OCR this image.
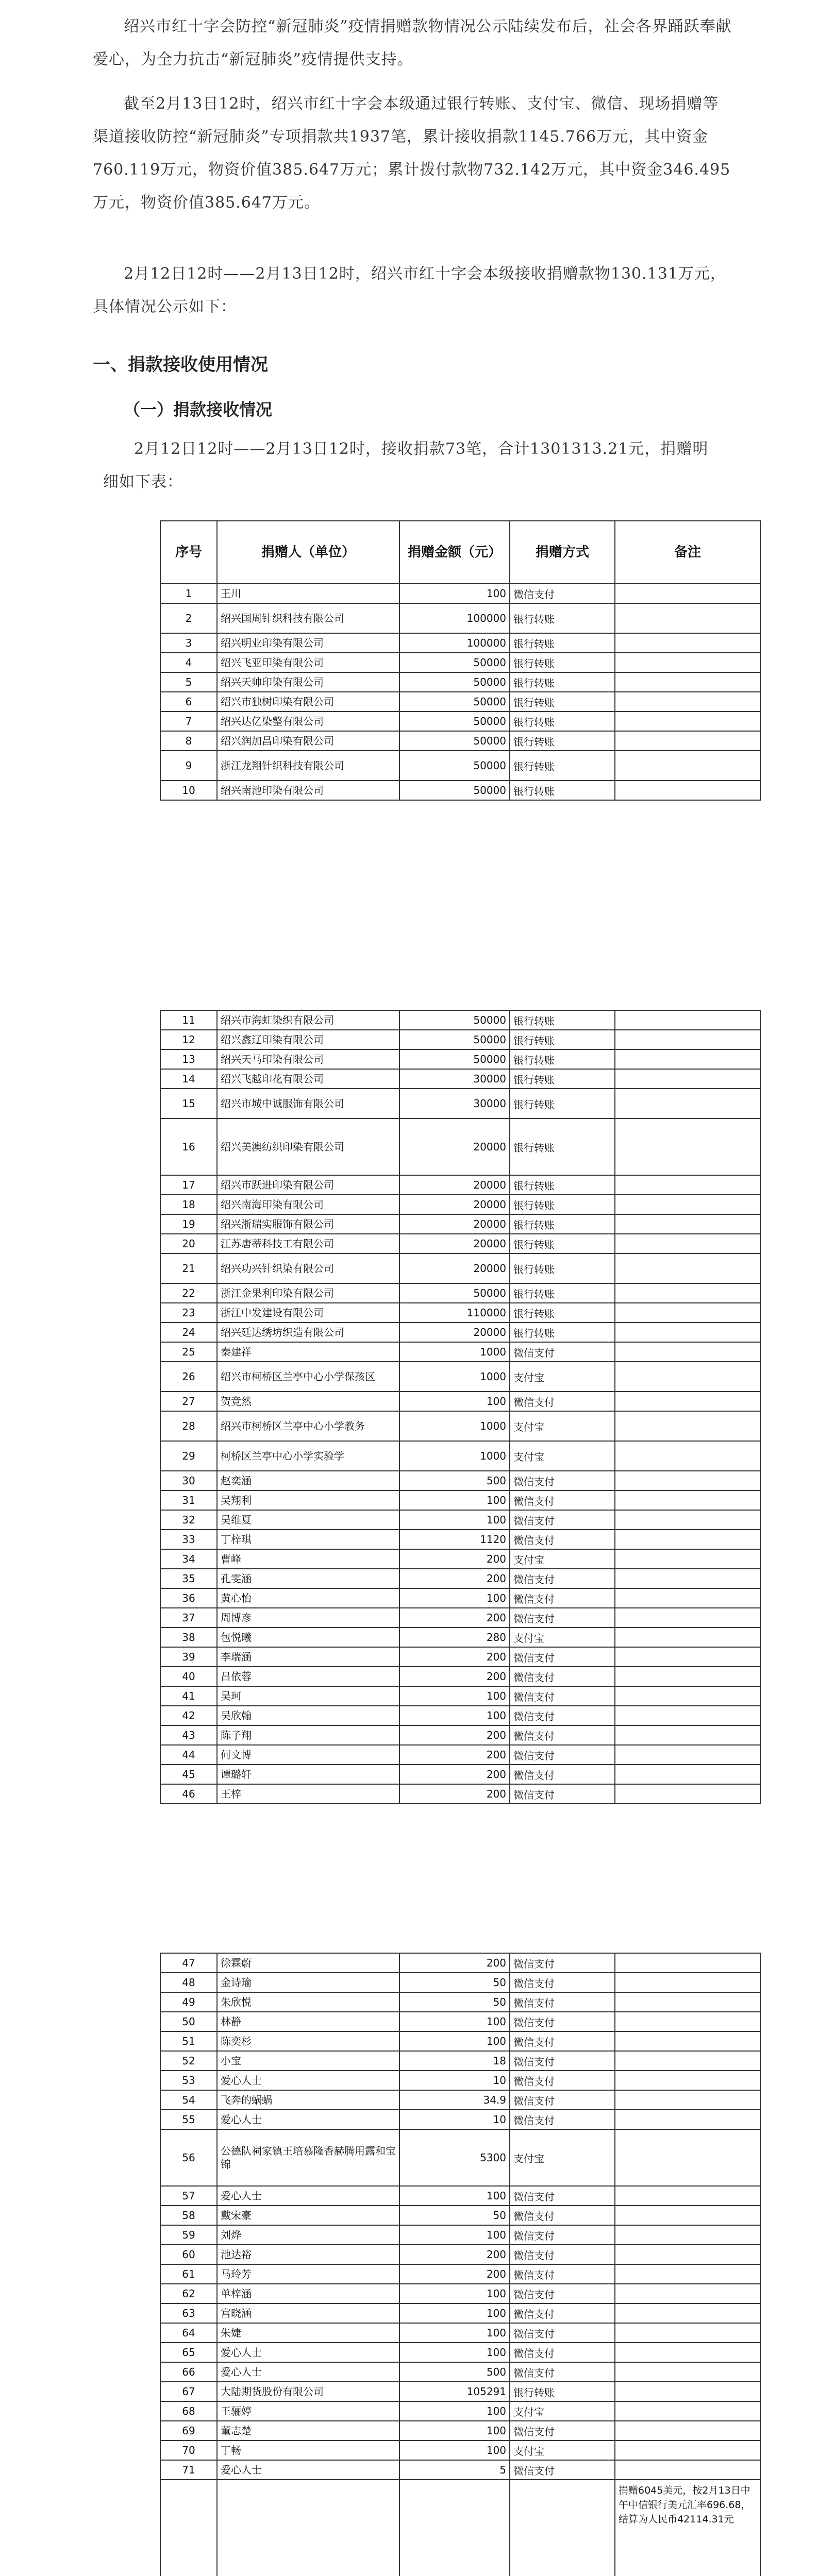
绍兴市红十字会防控“新冠肺炎”疫情捐赠款物情况公示陆续发布后，社会各界踊跃奉献爱心，为全力抗击“新冠肺炎”疫情提供支持。
截至2月13日12时，绍兴市红十字会本级通过银行转账、支付宝、微信、现场捐赠等渠道接收防控“新冠肺炎”专项捐款共1937笔，累计接收捐款1145.766万元，其中资金760.119万元，物资价值385.647万元；累计拨付款物732.142万元，其中资金346.495万元，物资价值385.647万元。
2月12日12时——2月13日12时，绍兴市红十字会本级接收捐赠款物130.131万元，具体情况公示如下：
一、捐款接收使用情况
（一）捐款接收情况
2月12日12时——2月13日12时，接收捐款73笔，合计1301313.21元，捐赠明细如下表：
序号	捐赠人（单位）	捐赠金额（元）	捐赠方式	备注
1	王川	100	微信支付	
2	绍兴国周针织科技有限公司	100000	银行转账	
3	绍兴明业印染有限公司	100000	银行转账	
4	绍兴飞亚印染有限公司	50000	银行转账	
5	绍兴天帅印染有限公司	50000	银行转账	
6	绍兴市独树印染有限公司	50000	银行转账	
7	绍兴达亿染整有限公司	50000	银行转账	
8	绍兴润加昌印染有限公司	50000	银行转账	
9	浙江龙翔针织科技有限公司	50000	银行转账	
10	绍兴南池印染有限公司	50000	银行转账	
11	绍兴市海虹染织有限公司	50000	银行转账	
12	绍兴鑫辽印染有限公司	50000	银行转账	
13	绍兴天马印染有限公司	50000	银行转账	
14	绍兴飞越印花有限公司	30000	银行转账	
15	绍兴市城中诚服饰有限公司	30000	银行转账	
16	绍兴美澳纺织印染有限公司	20000	银行转账	
17	绍兴市跃进印染有限公司	20000	银行转账	
18	绍兴南海印染有限公司	20000	银行转账	
19	绍兴浙瑞实服饰有限公司	20000	银行转账	
20	江苏唐蒂科技工有限公司	20000	银行转账	
21	绍兴功兴针织染有限公司	20000	银行转账	
22	浙江金果利印染有限公司	50000	银行转账	
23	浙江中发建设有限公司	110000	银行转账	
24	绍兴廷达绣坊织造有限公司	20000	银行转账	
25	秦建祥	1000	微信支付	
26	绍兴市柯桥区兰亭中心小学保孩区	1000	支付宝	
27	贺竞然	100	微信支付	
28	绍兴市柯桥区兰亭中心小学教务	1000	支付宝	
29	柯桥区兰亭中心小学实验学	1000	支付宝	
30	赵奕涵	500	微信支付	
31	吴翔利	100	微信支付	
32	吴维夏	100	微信支付	
33	丁梓琪	1120	微信支付	
34	曹峰	200	支付宝	
35	孔雯涵	200	微信支付	
36	黄心怡	100	微信支付	
37	周博彦	200	微信支付	
38	包悦曦	280	支付宝	
39	李瑞涵	200	微信支付	
40	吕依蓉	200	微信支付	
41	吴珂	100	微信支付	
42	吴欣翰	100	微信支付	
43	陈子翔	200	微信支付	
44	何文博	200	微信支付	
45	谭璐轩	200	微信支付	
46	王梓	200	微信支付	
47	徐霖蔚	200	微信支付	
48	金诗瑜	50	微信支付	
49	朱欣悦	50	微信支付	
50	林静	100	微信支付	
51	陈奕杉	100	微信支付	
52	小宝	18	微信支付	
53	爱心人士	10	微信支付	
54	飞奔的蜗蜗	34.9	微信支付	
55	爱心人士	10	微信支付	
56	公德队祠家镇王培慕隆香赫腾用露和宝锦	5300	支付宝	
57	爱心人士	100	微信支付	
58	戴宋豪	50	微信支付	
59	刘烨	100	微信支付	
60	池达裕	200	微信支付	
61	马玲芳	200	微信支付	
62	单梓涵	100	微信支付	
63	宫晓涵	100	微信支付	
64	朱婕	100	微信支付	
65	爱心人士	100	微信支付	
66	爱心人士	500	微信支付	
67	大陆期货股份有限公司	105291	银行转账	
68	王骊婷	100	支付宝	
69	董志楚	100	微信支付	
70	丁畅	100	支付宝	
71	爱心人士	5	微信支付	
				捐赠6045美元，按2月13日中午中信银行美元汇率696.68，结算为人民币42114.31元
